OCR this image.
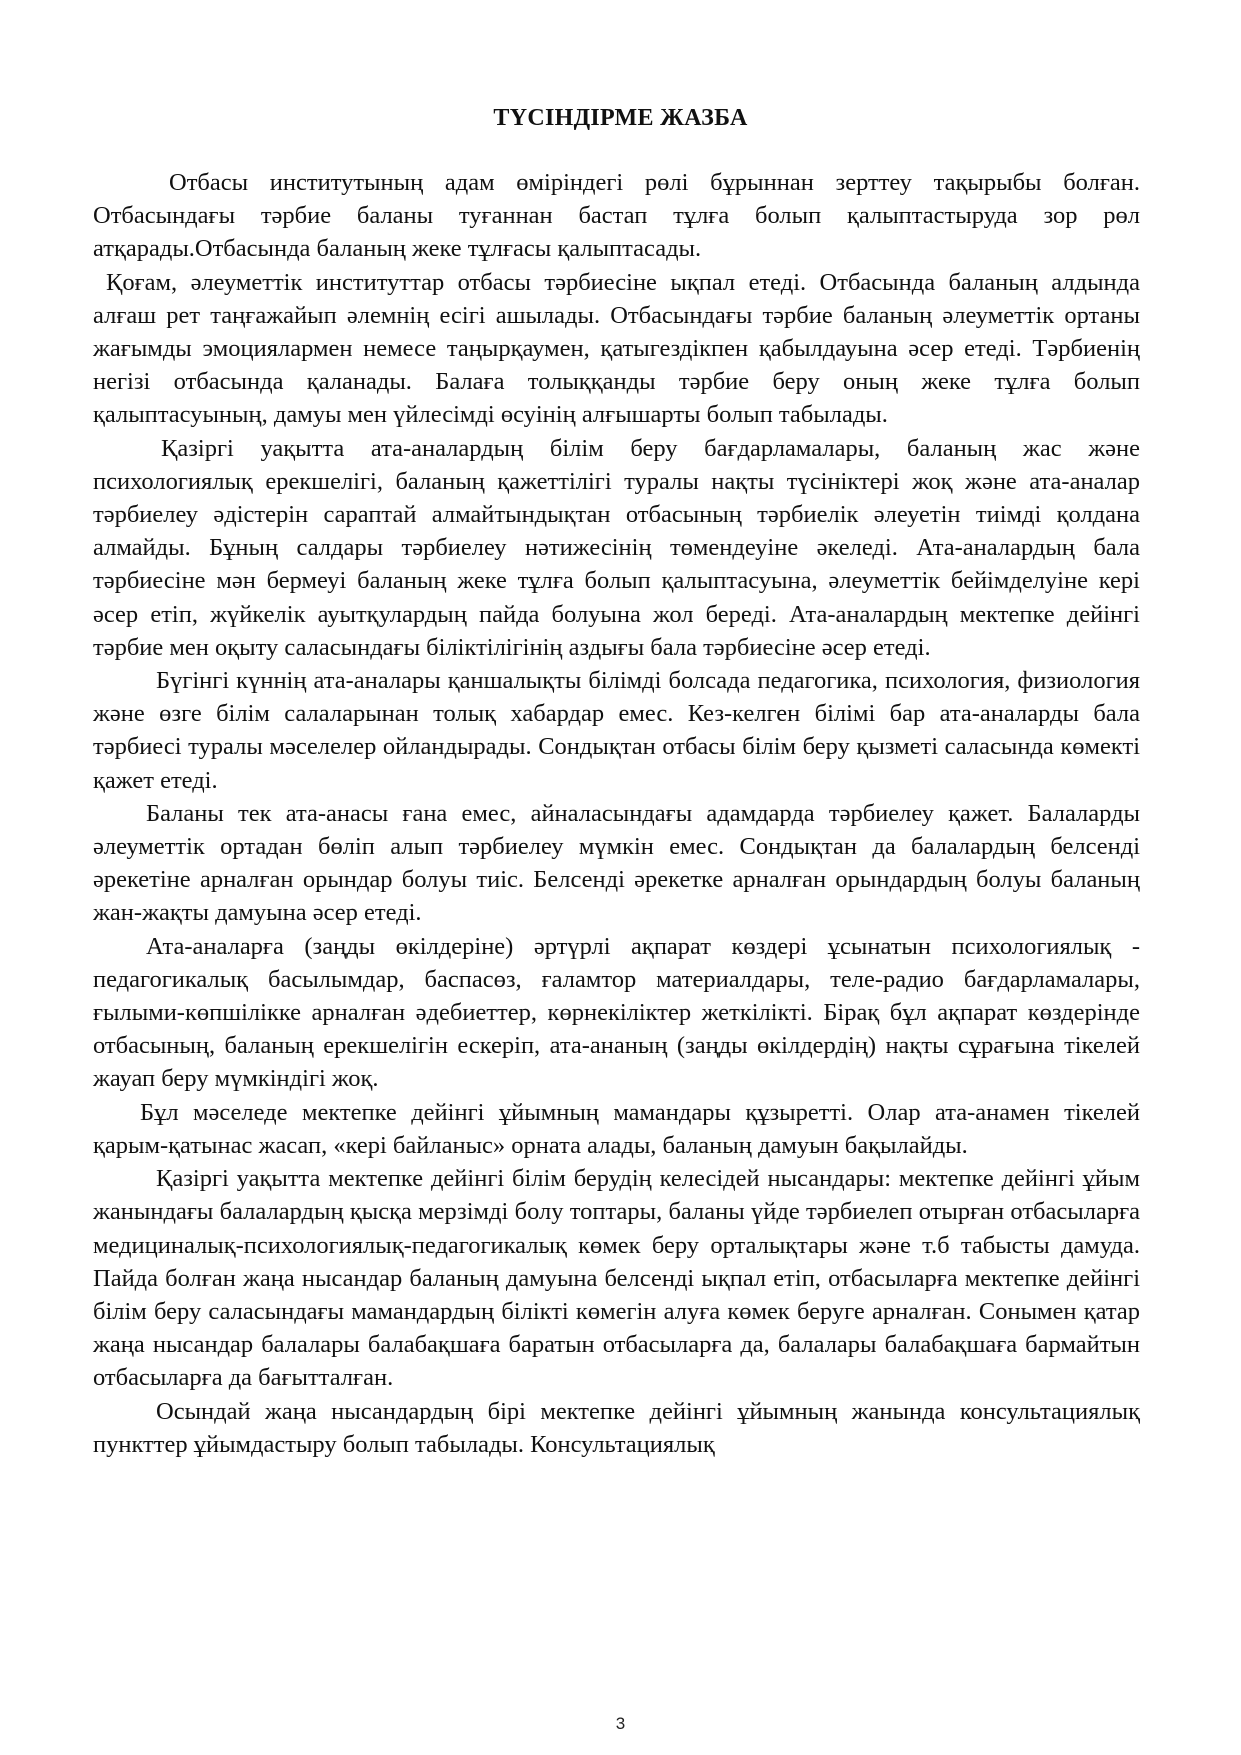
ТҮСІНДІРМЕ ЖАЗБА

Отбасы институтының адам өміріндегі рөлі бұрыннан зерттеу тақырыбы болған. Отбасындағы тәрбие баланы туғаннан бастап тұлға болып қалыптастыруда зор рөл атқарады.Отбасында баланың жеке тұлғасы қалыптасады.

Қоғам, әлеуметтік институттар отбасы тәрбиесіне ықпал етеді. Отбасында баланың алдында алғаш рет таңғажайып әлемнің есігі ашылады. Отбасындағы тәрбие баланың әлеуметтік ортаны жағымды эмоциялармен немесе таңырқаумен, қатыгездікпен қабылдауына әсер етеді. Тәрбиенің негізі отбасында қаланады. Балаға толыққанды тәрбие беру оның жеке тұлға болып қалыптасуының, дамуы мен үйлесімді өсуінің алғышарты болып табылады.

Қазіргі уақытта ата-аналардың білім беру бағдарламалары, баланың жас және психологиялық ерекшелігі, баланың қажеттілігі туралы нақты түсініктері жоқ және ата-аналар тәрбиелеу әдістерін сараптай алмайтындықтан отбасының тәрбиелік әлеуетін тиімді қолдана алмайды. Бұның салдары тәрбиелеу нәтижесінің төмендеуіне әкеледі. Ата-аналардың бала тәрбиесіне мән бермеуі баланың жеке тұлға болып қалыптасуына, әлеуметтік бейімделуіне кері әсер етіп, жүйкелік ауытқулардың пайда болуына жол береді. Ата-аналардың мектепке дейінгі тәрбие мен оқыту саласындағы біліктілігінің аздығы бала тәрбиесіне әсер етеді.

Бүгінгі күннің ата-аналары қаншалықты білімді болсада педагогика, психология, физиология және өзге білім салаларынан толық хабардар емес. Кез-келген білімі бар ата-аналарды бала тәрбиесі туралы мәселелер ойландырады. Сондықтан отбасы білім беру қызметі саласында көмекті қажет етеді.

Баланы тек ата-анасы ғана емес, айналасындағы адамдарда тәрбиелеу қажет. Балаларды әлеуметтік ортадан бөліп алып тәрбиелеу мүмкін емес. Сондықтан да балалардың белсенді әрекетіне арналған орындар болуы тиіс. Белсенді әрекетке арналған орындардың болуы баланың жан-жақты дамуына әсер етеді.

Ата-аналарға (заңды өкілдеріне) әртүрлі ақпарат көздері ұсынатын психологиялық - педагогикалық басылымдар, баспасөз, ғаламтор материалдары, теле-радио бағдарламалары, ғылыми-көпшілікке арналған әдебиеттер, көрнекіліктер жеткілікті. Бірақ бұл ақпарат көздерінде отбасының, баланың ерекшелігін ескеріп, ата-ананың (заңды өкілдердің) нақты сұрағына тікелей жауап беру мүмкіндігі жоқ.

Бұл мәселеде мектепке дейінгі ұйымның мамандары құзыретті. Олар ата-анамен тікелей қарым-қатынас жасап, «кері байланыс» орната алады, баланың дамуын бақылайды.

Қазіргі уақытта мектепке дейінгі білім берудің келесідей нысандары: мектепке дейінгі ұйым жанындағы балалардың қысқа мерзімді болу топтары, баланы үйде тәрбиелеп отырған отбасыларға медициналық-психологиялық-педагогикалық көмек беру орталықтары және т.б табысты дамуда. Пайда болған жаңа нысандар баланың дамуына белсенді ықпал етіп, отбасыларға мектепке дейінгі білім беру саласындағы мамандардың білікті көмегін алуға көмек беруге арналған. Сонымен қатар жаңа нысандар балалары балабақшаға баратын отбасыларға да, балалары балабақшаға бармайтын отбасыларға да бағытталған.

Осындай жаңа нысандардың бірі мектепке дейінгі ұйымның жанында консультациялық пункттер ұйымдастыру болып табылады. Консультациялық

3
